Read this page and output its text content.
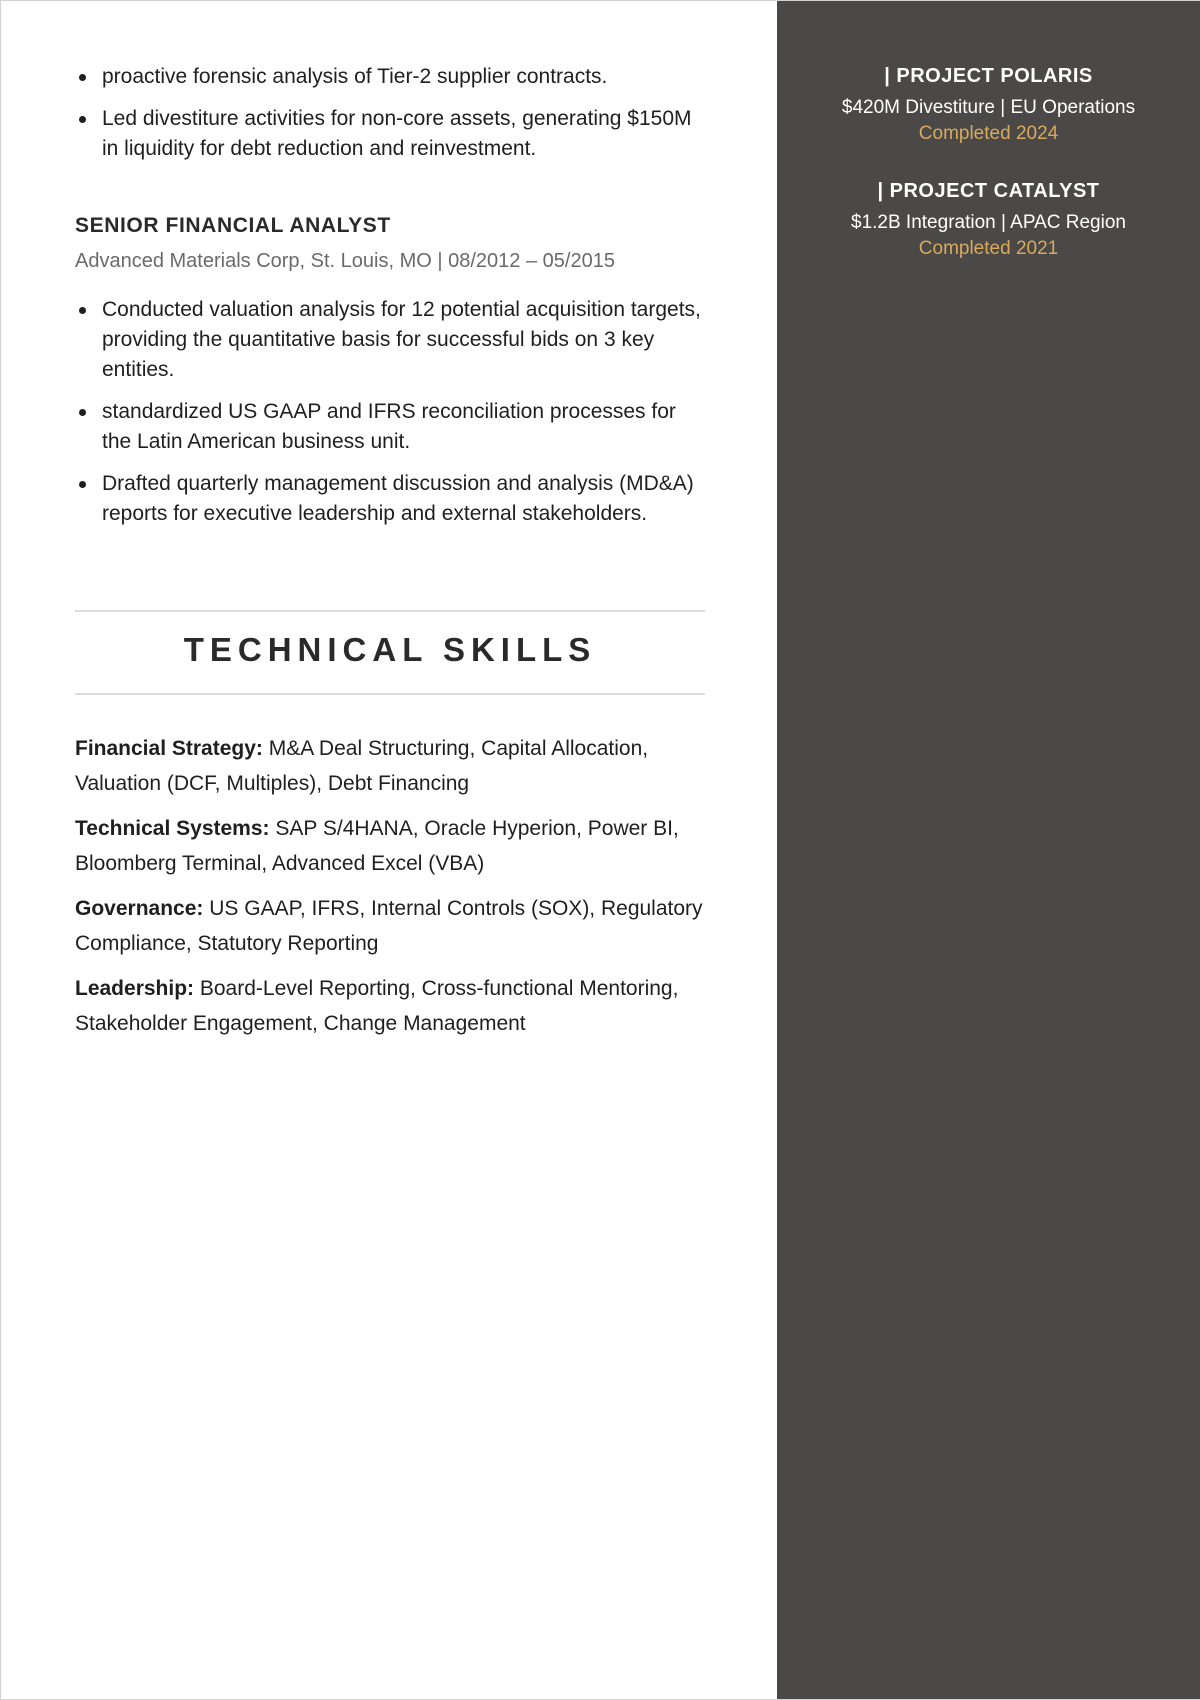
proactive forensic analysis of Tier-2 supplier contracts.
Led divestiture activities for non-core assets, generating $150M in liquidity for debt reduction and reinvestment.
SENIOR FINANCIAL ANALYST

Advanced Materials Corp, St. Louis, MO | 08/2012 – 05/2015

Conducted valuation analysis for 12 potential acquisition targets, providing the quantitative basis for successful bids on 3 key entities.
standardized US GAAP and IFRS reconciliation processes for the Latin American business unit.
Drafted quarterly management discussion and analysis (MD&A) reports for executive leadership and external stakeholders.
TECHNICAL SKILLS

Financial Strategy: M&A Deal Structuring, Capital Allocation, Valuation (DCF, Multiples), Debt Financing

Technical Systems: SAP S/4HANA, Oracle Hyperion, Power BI, Bloomberg Terminal, Advanced Excel (VBA)

Governance: US GAAP, IFRS, Internal Controls (SOX), Regulatory Compliance, Statutory Reporting

Leadership: Board-Level Reporting, Cross-functional Mentoring, Stakeholder Engagement, Change Management

| PROJECT POLARIS

$420M Divestiture | EU Operations

Completed 2024

| PROJECT CATALYST

$1.2B Integration | APAC Region

Completed 2021
